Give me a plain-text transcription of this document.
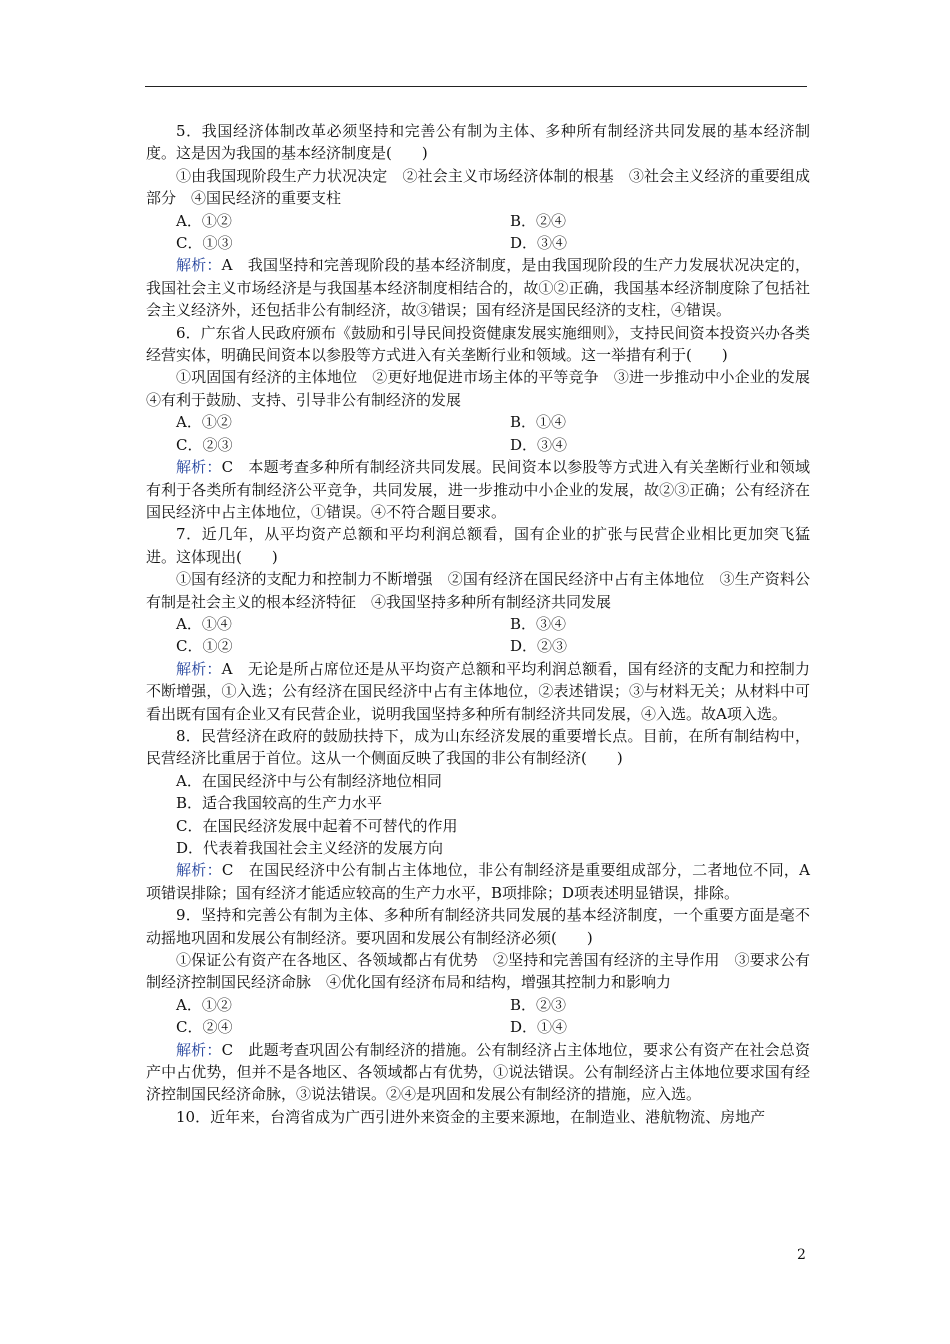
5．我国经济体制改革必须坚持和完善公有制为主体、多种所有制经济共同发展的基本经济制度。这是因为我国的基本经济制度是(　　)

①由我国现阶段生产力状况决定　②社会主义市场经济体制的根基　③社会主义经济的重要组成部分　④国民经济的重要支柱

A．①②	B．②④
C．①③	D．③④

解析：A　我国坚持和完善现阶段的基本经济制度，是由我国现阶段的生产力发展状况决定的，我国社会主义市场经济是与我国基本经济制度相结合的，故①②正确，我国基本经济制度除了包括社会主义经济外，还包括非公有制经济，故③错误；国有经济是国民经济的支柱，④错误。

6．广东省人民政府颁布《鼓励和引导民间投资健康发展实施细则》，支持民间资本投资兴办各类经营实体，明确民间资本以参股等方式进入有关垄断行业和领域。这一举措有利于(　　)

①巩固国有经济的主体地位　②更好地促进市场主体的平等竞争　③进一步推动中小企业的发展　④有利于鼓励、支持、引导非公有制经济的发展

A．①②	B．①④
C．②③	D．③④

解析：C　本题考查多种所有制经济共同发展。民间资本以参股等方式进入有关垄断行业和领域有利于各类所有制经济公平竞争，共同发展，进一步推动中小企业的发展，故②③正确；公有经济在国民经济中占主体地位，①错误。④不符合题目要求。

7．近几年，从平均资产总额和平均利润总额看，国有企业的扩张与民营企业相比更加突飞猛进。这体现出(　　)

①国有经济的支配力和控制力不断增强　②国有经济在国民经济中占有主体地位　③生产资料公有制是社会主义的根本经济特征　④我国坚持多种所有制经济共同发展

A．①④	B．③④
C．①②	D．②③

解析：A　无论是所占席位还是从平均资产总额和平均利润总额看，国有经济的支配力和控制力不断增强，①入选；公有经济在国民经济中占有主体地位，②表述错误；③与材料无关；从材料中可看出既有国有企业又有民营企业，说明我国坚持多种所有制经济共同发展，④入选。故A项入选。

8．民营经济在政府的鼓励扶持下，成为山东经济发展的重要增长点。目前，在所有制结构中，民营经济比重居于首位。这从一个侧面反映了我国的非公有制经济(　　)

A．在国民经济中与公有制经济地位相同

B．适合我国较高的生产力水平

C．在国民经济发展中起着不可替代的作用

D．代表着我国社会主义经济的发展方向

解析：C　在国民经济中公有制占主体地位，非公有制经济是重要组成部分，二者地位不同，A项错误排除；国有经济才能适应较高的生产力水平，B项排除；D项表述明显错误，排除。

9．坚持和完善公有制为主体、多种所有制经济共同发展的基本经济制度，一个重要方面是毫不动摇地巩固和发展公有制经济。要巩固和发展公有制经济必须(　　)

①保证公有资产在各地区、各领域都占有优势　②坚持和完善国有经济的主导作用　③要求公有制经济控制国民经济命脉　④优化国有经济布局和结构，增强其控制力和影响力

A．①②	B．②③
C．②④	D．①④

解析：C　此题考查巩固公有制经济的措施。公有制经济占主体地位，要求公有资产在社会总资产中占优势，但并不是各地区、各领域都占有优势，①说法错误。公有制经济占主体地位要求国有经济控制国民经济命脉，③说法错误。②④是巩固和发展公有制经济的措施，应入选。

10．近年来，台湾省成为广西引进外来资金的主要来源地，在制造业、港航物流、房地产

2
